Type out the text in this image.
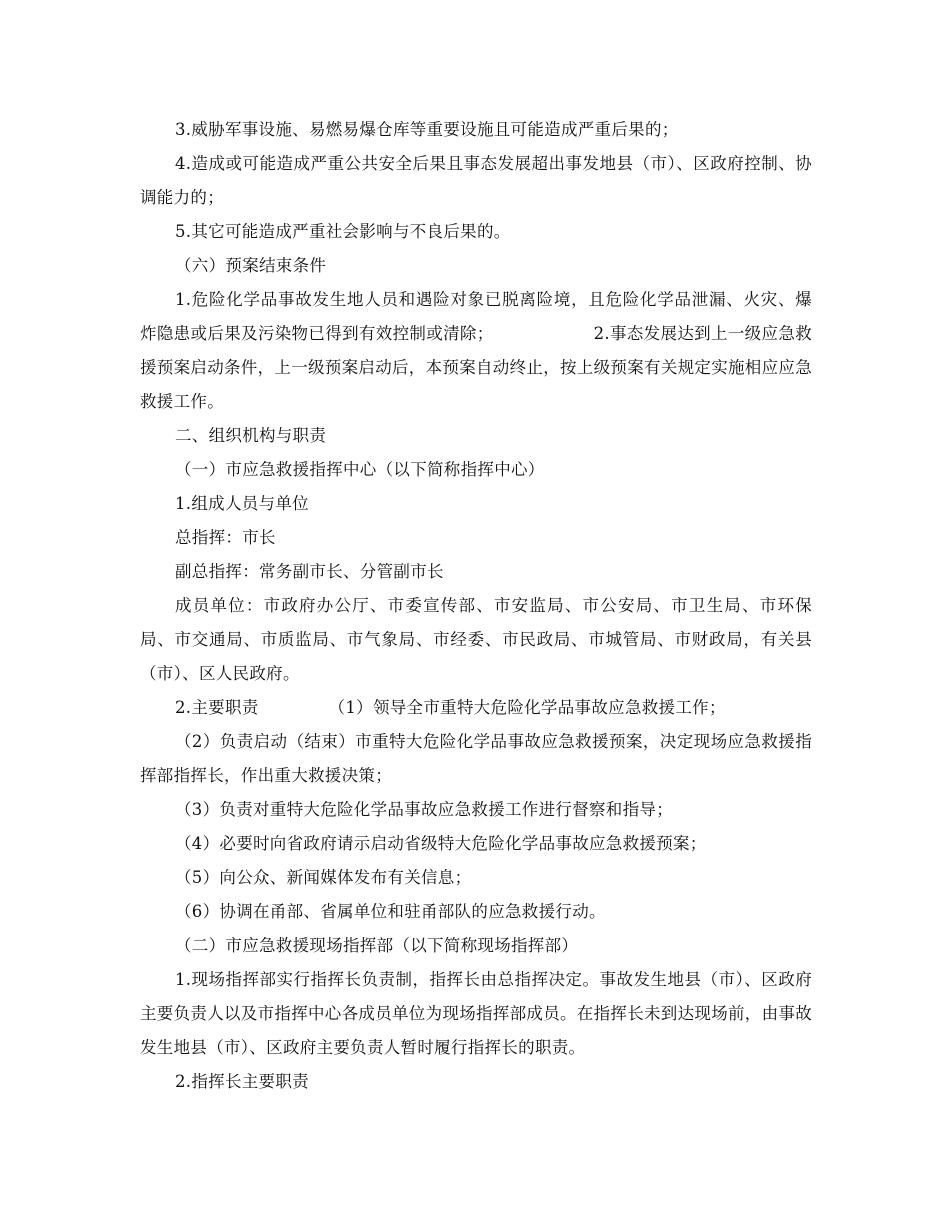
3.威胁军事设施、易燃易爆仓库等重要设施且可能造成严重后果的；

4.造成或可能造成严重公共安全后果且事态发展超出事发地县（市）、区政府控制、协调能力的；

5.其它可能造成严重社会影响与不良后果的。

（六）预案结束条件

1.危险化学品事故发生地人员和遇险对象已脱离险境，且危险化学品泄漏、火灾、爆炸隐患或后果及污染物已得到有效控制或清除；	2.事态发展达到上一级应急救援预案启动条件，上一级预案启动后，本预案自动终止，按上级预案有关规定实施相应应急救援工作。

二、组织机构与职责

（一）市应急救援指挥中心（以下简称指挥中心）

1.组成人员与单位

总指挥：市长

副总指挥：常务副市长、分管副市长

成员单位：市政府办公厅、市委宣传部、市安监局、市公安局、市卫生局、市环保局、市交通局、市质监局、市气象局、市经委、市民政局、市城管局、市财政局，有关县（市）、区人民政府。

2.主要职责	（1）领导全市重特大危险化学品事故应急救援工作；

（2）负责启动（结束）市重特大危险化学品事故应急救援预案，决定现场应急救援指挥部指挥长，作出重大救援决策；

（3）负责对重特大危险化学品事故应急救援工作进行督察和指导；

（4）必要时向省政府请示启动省级特大危险化学品事故应急救援预案；

（5）向公众、新闻媒体发布有关信息；

（6）协调在甬部、省属单位和驻甬部队的应急救援行动。

（二）市应急救援现场指挥部（以下简称现场指挥部）

1.现场指挥部实行指挥长负责制，指挥长由总指挥决定。事故发生地县（市）、区政府主要负责人以及市指挥中心各成员单位为现场指挥部成员。在指挥长未到达现场前，由事故发生地县（市）、区政府主要负责人暂时履行指挥长的职责。

2.指挥长主要职责
